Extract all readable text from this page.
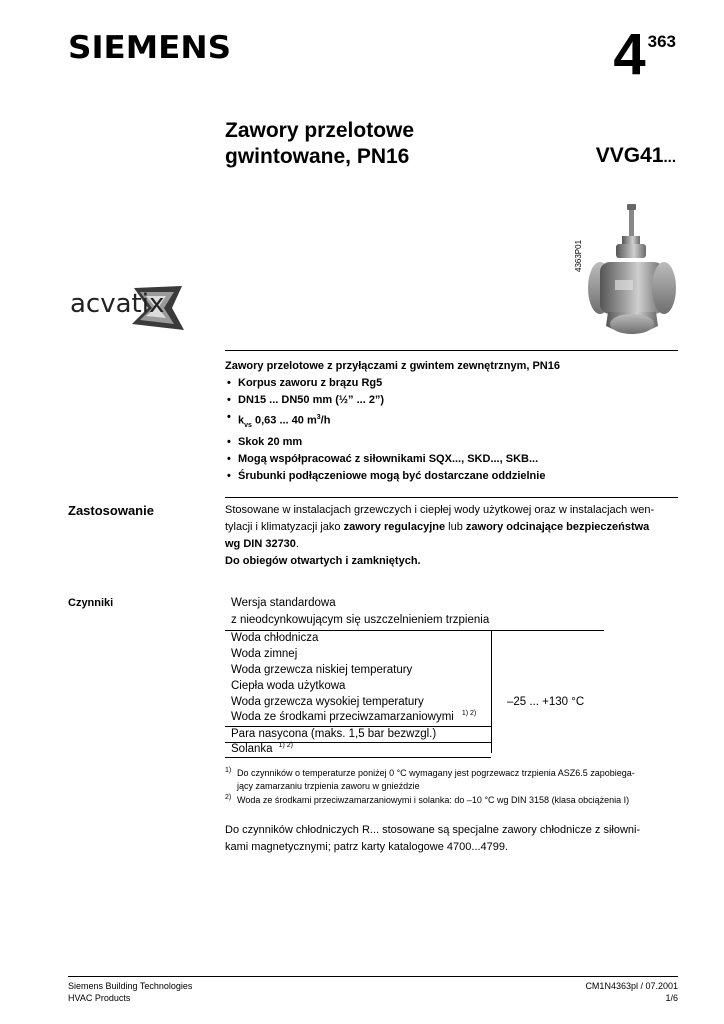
SIEMENS	4 363
Zawory przelotowe
gwintowane, PN16	VVG41...
4363P01
acvatix
Zawory przelotowe z przyłączami z gwintem zewnętrznym, PN16
• Korpus zaworu z brązu Rg5
• DN15 ... DN50 mm (½” ... 2”)
• $k_{vs}$ 0,63 ... 40 $m^3/h$
• Skok 20 mm
• Mogą współpracować z siłownikami SQX..., SKD..., SKB...
• Śrubunki podłączeniowe mogą być dostarczane oddzielnie
Zastosowanie	Stosowane w instalacjach grzewczych i ciepłej wody użytkowej oraz w instalacjach wen-
tylacji i klimatyzacji jako zawory regulacyjne lub zawory odcinające bezpieczeństwa
wg DIN 32730.
Do obiegów otwartych i zamkniętych.
Czynniki	Wersja standardowa
z nieodcynkowującym się uszczelnieniem trzpienia
Woda chłodnicza
Woda zimnej
Woda grzewcza niskiej temperatury
Ciepła woda użytkowa
Woda grzewcza wysokiej temperatury
Woda ze środkami przeciwzamarzaniowymi $^{1) 2)}$
Para nasycona (maks. 1,5 bar bezwzgl.)
Solanka $^{1) 2)}$
–25 ... +130 °C
1) Do czynników o temperaturze poniżej 0 °C wymagany jest pogrzewacz trzpienia ASZ6.5 zapobiega-
jący zamarzaniu trzpienia zaworu w gnieździe
2) Woda ze środkami przeciwzamarzaniowymi i solanka: do –10 °C wg DIN 3158 (klasa obciążenia I)
Do czynników chłodniczych R... stosowane są specjalne zawory chłodnicze z siłowni-
kami magnetycznymi; patrz karty katalogowe 4700...4799.
Siemens Building Technologies
HVAC Products
CM1N4363pl / 07.2001
1/6
